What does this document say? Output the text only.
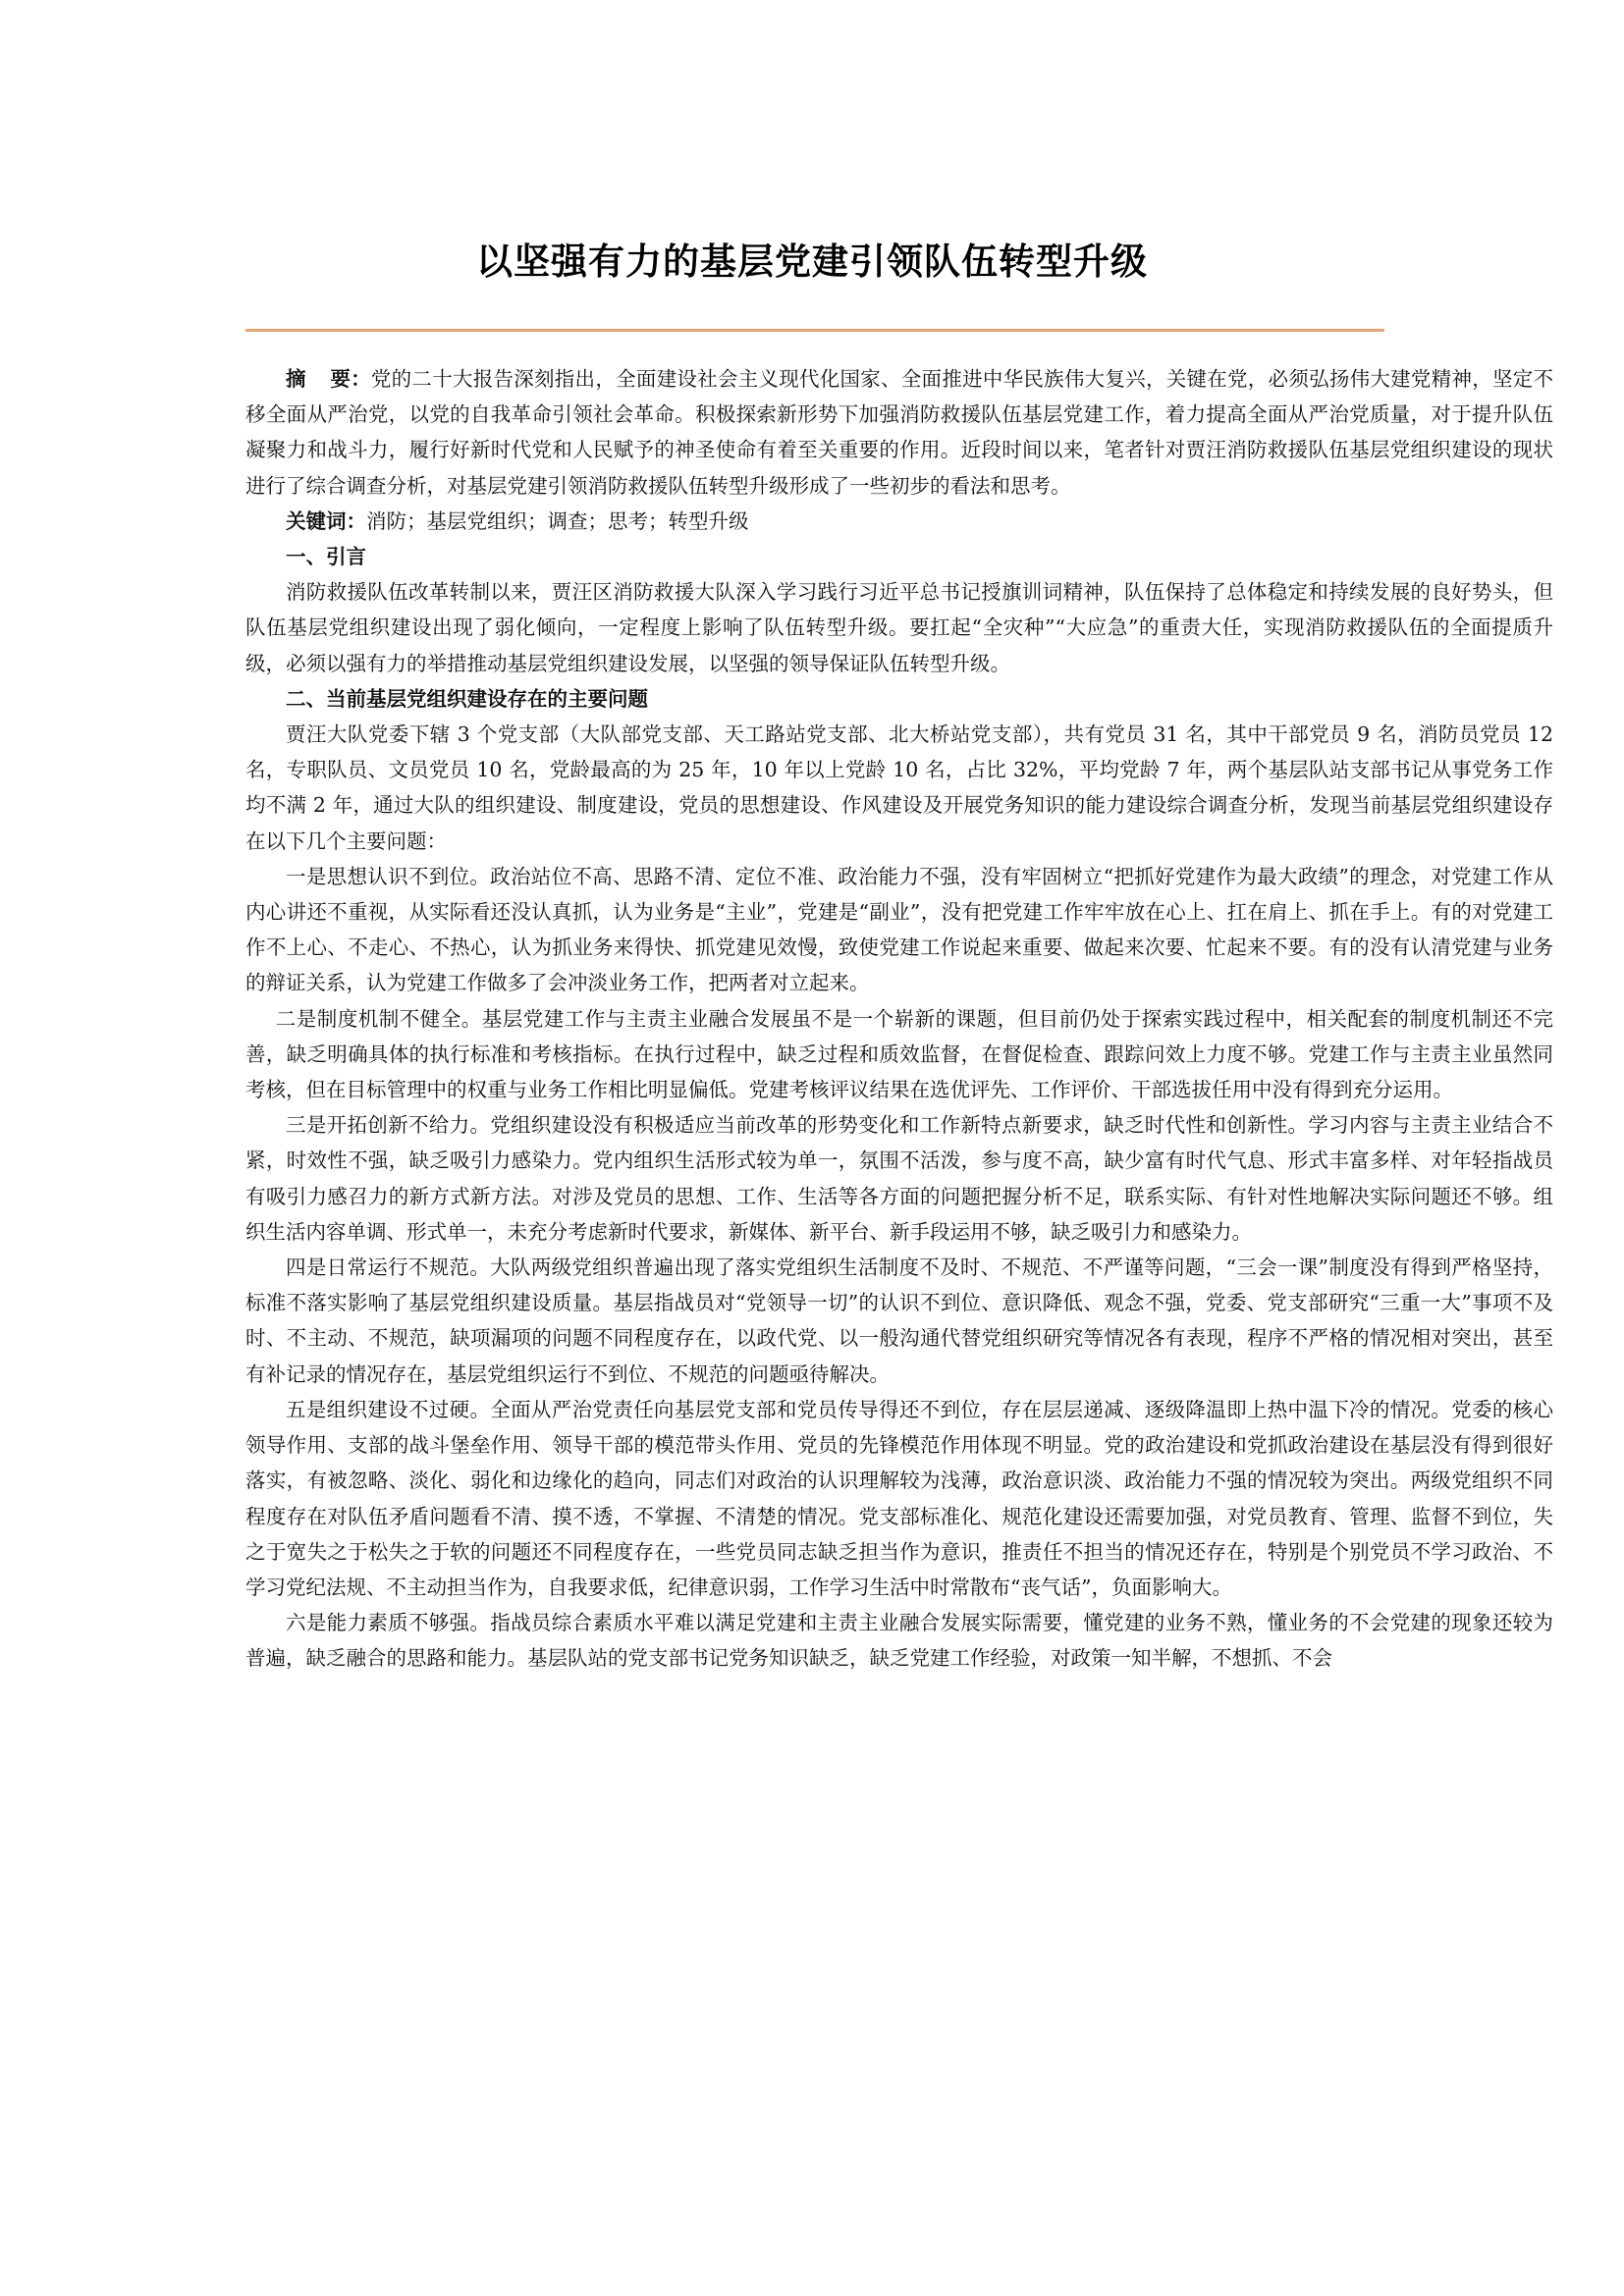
以坚强有力的基层党建引领队伍转型升级

摘要：党的二十大报告深刻指出，全面建设社会主义现代化国家、全面推进中华民族伟大复兴，关键在党，必须弘扬伟大建党精神，坚定不移全面从严治党，以党的自我革命引领社会革命。积极探索新形势下加强消防救援队伍基层党建工作，着力提高全面从严治党质量，对于提升队伍凝聚力和战斗力，履行好新时代党和人民赋予的神圣使命有着至关重要的作用。近段时间以来，笔者针对贾汪消防救援队伍基层党组织建设的现状进行了综合调查分析，对基层党建引领消防救援队伍转型升级形成了一些初步的看法和思考。

关键词：消防；基层党组织；调查；思考；转型升级

一、引言

消防救援队伍改革转制以来，贾汪区消防救援大队深入学习践行习近平总书记授旗训词精神，队伍保持了总体稳定和持续发展的良好势头，但队伍基层党组织建设出现了弱化倾向，一定程度上影响了队伍转型升级。要扛起“全灾种”“大应急”的重责大任，实现消防救援队伍的全面提质升级，必须以强有力的举措推动基层党组织建设发展，以坚强的领导保证队伍转型升级。

二、当前基层党组织建设存在的主要问题

贾汪大队党委下辖 3 个党支部（大队部党支部、天工路站党支部、北大桥站党支部），共有党员 31 名，其中干部党员 9 名，消防员党员 12 名，专职队员、文员党员 10 名，党龄最高的为 25 年，10 年以上党龄 10 名，占比 32%，平均党龄 7 年，两个基层队站支部书记从事党务工作均不满 2 年，通过大队的组织建设、制度建设，党员的思想建设、作风建设及开展党务知识的能力建设综合调查分析，发现当前基层党组织建设存在以下几个主要问题：

一是思想认识不到位。政治站位不高、思路不清、定位不准、政治能力不强，没有牢固树立“把抓好党建作为最大政绩”的理念，对党建工作从内心讲还不重视，从实际看还没认真抓，认为业务是“主业”，党建是“副业”，没有把党建工作牢牢放在心上、扛在肩上、抓在手上。有的对党建工作不上心、不走心、不热心，认为抓业务来得快、抓党建见效慢，致使党建工作说起来重要、做起来次要、忙起来不要。有的没有认清党建与业务的辩证关系，认为党建工作做多了会冲淡业务工作，把两者对立起来。

二是制度机制不健全。基层党建工作与主责主业融合发展虽不是一个崭新的课题，但目前仍处于探索实践过程中，相关配套的制度机制还不完善，缺乏明确具体的执行标准和考核指标。在执行过程中，缺乏过程和质效监督，在督促检查、跟踪问效上力度不够。党建工作与主责主业虽然同考核，但在目标管理中的权重与业务工作相比明显偏低。党建考核评议结果在选优评先、工作评价、干部选拔任用中没有得到充分运用。

三是开拓创新不给力。党组织建设没有积极适应当前改革的形势变化和工作新特点新要求，缺乏时代性和创新性。学习内容与主责主业结合不紧，时效性不强，缺乏吸引力感染力。党内组织生活形式较为单一，氛围不活泼，参与度不高，缺少富有时代气息、形式丰富多样、对年轻指战员有吸引力感召力的新方式新方法。对涉及党员的思想、工作、生活等各方面的问题把握分析不足，联系实际、有针对性地解决实际问题还不够。组织生活内容单调、形式单一，未充分考虑新时代要求，新媒体、新平台、新手段运用不够，缺乏吸引力和感染力。

四是日常运行不规范。大队两级党组织普遍出现了落实党组织生活制度不及时、不规范、不严谨等问题，“三会一课”制度没有得到严格坚持，标准不落实影响了基层党组织建设质量。基层指战员对“党领导一切”的认识不到位、意识降低、观念不强，党委、党支部研究“三重一大”事项不及时、不主动、不规范，缺项漏项的问题不同程度存在，以政代党、以一般沟通代替党组织研究等情况各有表现，程序不严格的情况相对突出，甚至有补记录的情况存在，基层党组织运行不到位、不规范的问题亟待解决。

五是组织建设不过硬。全面从严治党责任向基层党支部和党员传导得还不到位，存在层层递减、逐级降温即上热中温下冷的情况。党委的核心领导作用、支部的战斗堡垒作用、领导干部的模范带头作用、党员的先锋模范作用体现不明显。党的政治建设和党抓政治建设在基层没有得到很好落实，有被忽略、淡化、弱化和边缘化的趋向，同志们对政治的认识理解较为浅薄，政治意识淡、政治能力不强的情况较为突出。两级党组织不同程度存在对队伍矛盾问题看不清、摸不透，不掌握、不清楚的情况。党支部标准化、规范化建设还需要加强，对党员教育、管理、监督不到位，失之于宽失之于松失之于软的问题还不同程度存在，一些党员同志缺乏担当作为意识，推责任不担当的情况还存在，特别是个别党员不学习政治、不学习党纪法规、不主动担当作为，自我要求低，纪律意识弱，工作学习生活中时常散布“丧气话”，负面影响大。

六是能力素质不够强。指战员综合素质水平难以满足党建和主责主业融合发展实际需要，懂党建的业务不熟，懂业务的不会党建的现象还较为普遍，缺乏融合的思路和能力。基层队站的党支部书记党务知识缺乏，缺乏党建工作经验，对政策一知半解，不想抓、不会
